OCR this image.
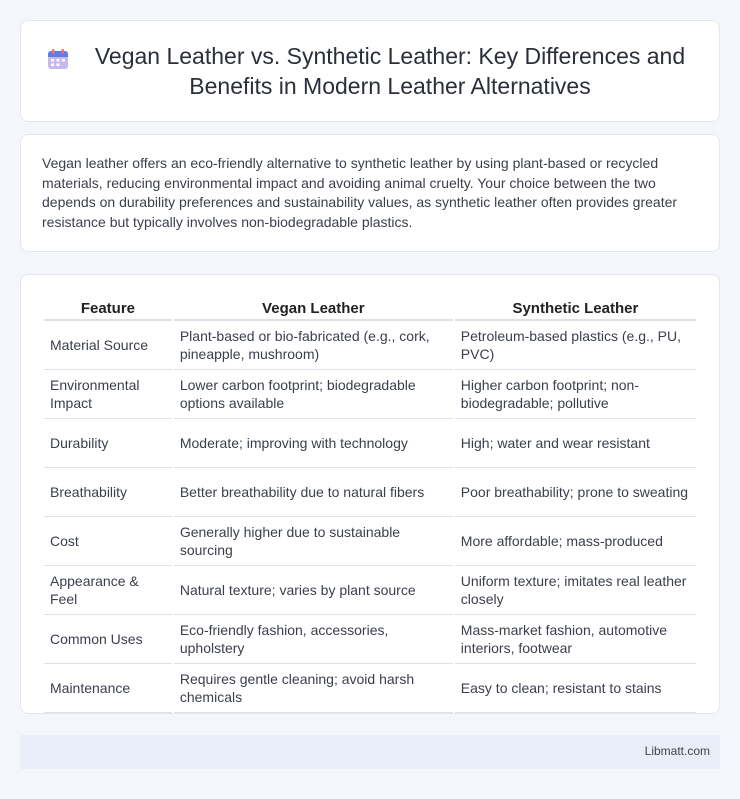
Vegan Leather vs. Synthetic Leather: Key Differences and Benefits in Modern Leather Alternatives

Vegan leather offers an eco-friendly alternative to synthetic leather by using plant-based or recycled materials, reducing environmental impact and avoiding animal cruelty. Your choice between the two depends on durability preferences and sustainability values, as synthetic leather often provides greater resistance but typically involves non-biodegradable plastics.

Feature	Vegan Leather	Synthetic Leather
Material Source	Plant-based or bio-fabricated (e.g., cork, pineapple, mushroom)	Petroleum-based plastics (e.g., PU, PVC)
Environmental Impact	Lower carbon footprint; biodegradable options available	Higher carbon footprint; non-biodegradable; pollutive
Durability	Moderate; improving with technology	High; water and wear resistant
Breathability	Better breathability due to natural fibers	Poor breathability; prone to sweating
Cost	Generally higher due to sustainable sourcing	More affordable; mass-produced
Appearance & Feel	Natural texture; varies by plant source	Uniform texture; imitates real leather closely
Common Uses	Eco-friendly fashion, accessories, upholstery	Mass-market fashion, automotive interiors, footwear
Maintenance	Requires gentle cleaning; avoid harsh chemicals	Easy to clean; resistant to stains
Libmatt.com
